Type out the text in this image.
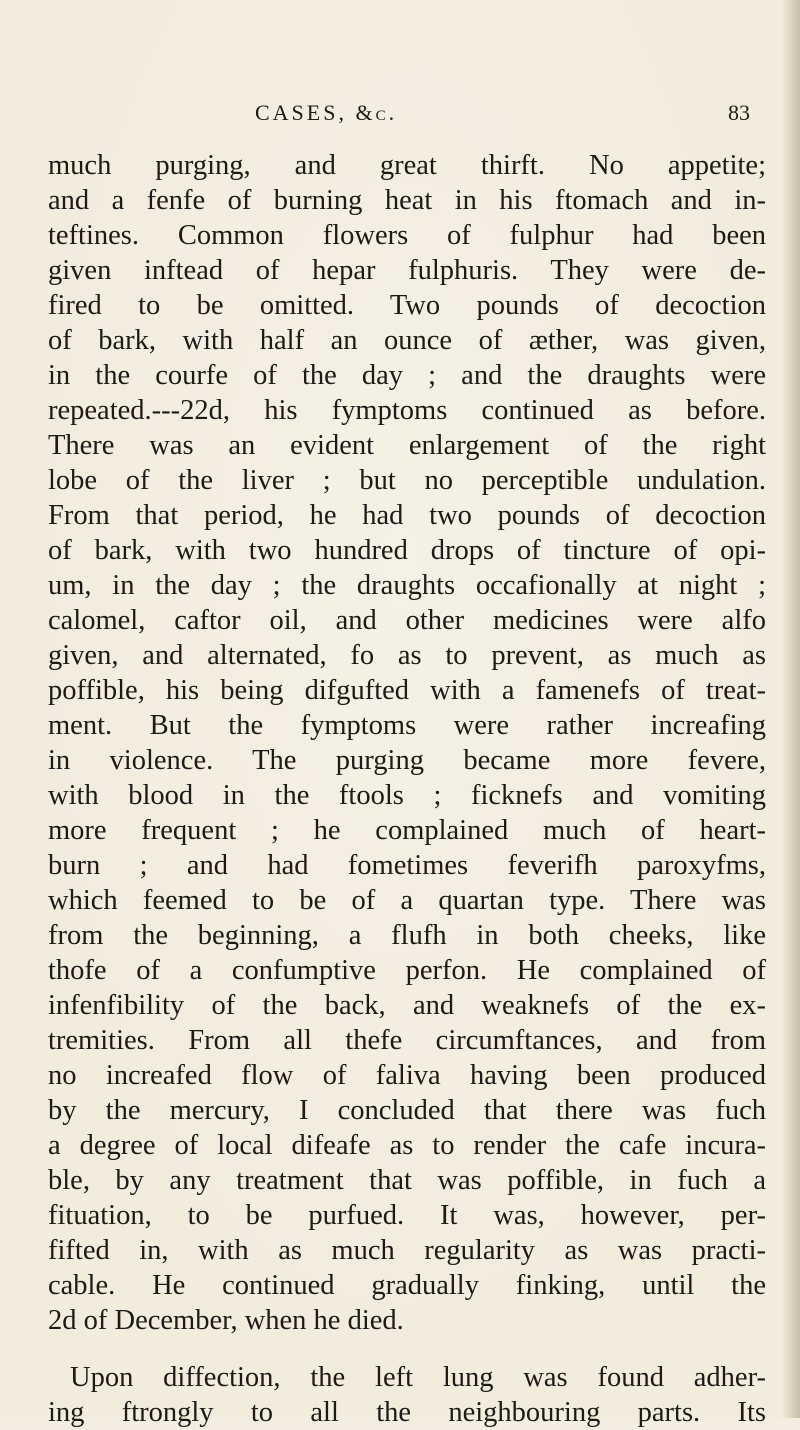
CASES, &c.	83
much purging, and great thirft. No appetite;
and a fenfe of burning heat in his ftomach and in-
teftines. Common flowers of fulphur had been
given inftead of hepar fulphuris. They were de-
fired to be omitted. Two pounds of decoction
of bark, with half an ounce of æther, was given,
in the courfe of the day ; and the draughts were
repeated.---22d, his fymptoms continued as before.
There was an evident enlargement of the right
lobe of the liver ; but no perceptible undulation.
From that period, he had two pounds of decoction
of bark, with two hundred drops of tincture of opi-
um, in the day ; the draughts occafionally at night ;
calomel, caftor oil, and other medicines were alfo
given, and alternated, fo as to prevent, as much as
poffible, his being difgufted with a famenefs of treat-
ment. But the fymptoms were rather increafing
in violence. The purging became more fevere,
with blood in the ftools ; ficknefs and vomiting
more frequent ; he complained much of heart-
burn ; and had fometimes feverifh paroxyfms,
which feemed to be of a quartan type. There was
from the beginning, a flufh in both cheeks, like
thofe of a confumptive perfon. He complained of
infenfibility of the back, and weaknefs of the ex-
tremities. From all thefe circumftances, and from
no increafed flow of faliva having been produced
by the mercury, I concluded that there was fuch
a degree of local difeafe as to render the cafe incura-
ble, by any treatment that was poffible, in fuch a
fituation, to be purfued. It was, however, per-
fifted in, with as much regularity as was practi-
cable. He continued gradually finking, until the
2d of December, when he died.
Upon diffection, the left lung was found adher-
ing ftrongly to all the neighbouring parts. Its
